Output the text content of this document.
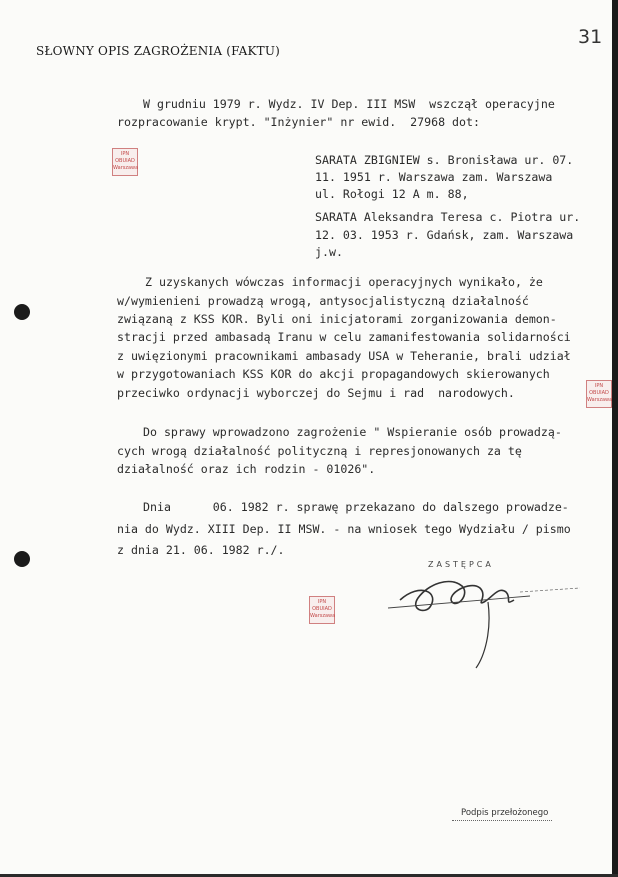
31
SŁOWNY OPIS ZAGROŻENIA (FAKTU)
W grudniu 1979 r. Wydz. IV Dep. III MSW  wszczął operacyjne
rozpracowanie krypt. "Inżynier" nr ewid.  27968 dot:
SARATA ZBIGNIEW s. Bronisława ur. 07.
11. 1951 r. Warszawa zam. Warszawa
ul. Rołogi 12 A m. 88,
SARATA Aleksandra Teresa c. Piotra ur.
12. 03. 1953 r. Gdańsk, zam. Warszawa
j.w.
Z uzyskanych wówczas informacji operacyjnych wynikało, że
w/wymienieni prowadzą wrogą, antysocjalistyczną działalność
związaną z KSS KOR. Byli oni inicjatorami zorganizowania demon-
stracji przed ambasadą Iranu w celu zamanifestowania solidarności
z uwięzionymi pracownikami ambasady USA w Teheranie, brali udział
w przygotowaniach KSS KOR do akcji propagandowych skierowanych
przeciwko ordynacji wyborczej do Sejmu i rad  narodowych.
Do sprawy wprowadzono zagrożenie " Wspieranie osób prowadzą-
cych wrogą działalność polityczną i represjonowanych za tę
działalność oraz ich rodzin - 01026".
Dnia      06. 1982 r. sprawę przekazano do dalszego prowadze-
nia do Wydz. XIII Dep. II MSW. - na wniosek tego Wydziału / pismo
z dnia 21. 06. 1982 r./.
IPN
OBUIAD
Warszawa
IPN
OBUIAD
Warszawa
IPN
OBUIAD
Warszawa
ZASTĘPCA
Podpis przełożonego
